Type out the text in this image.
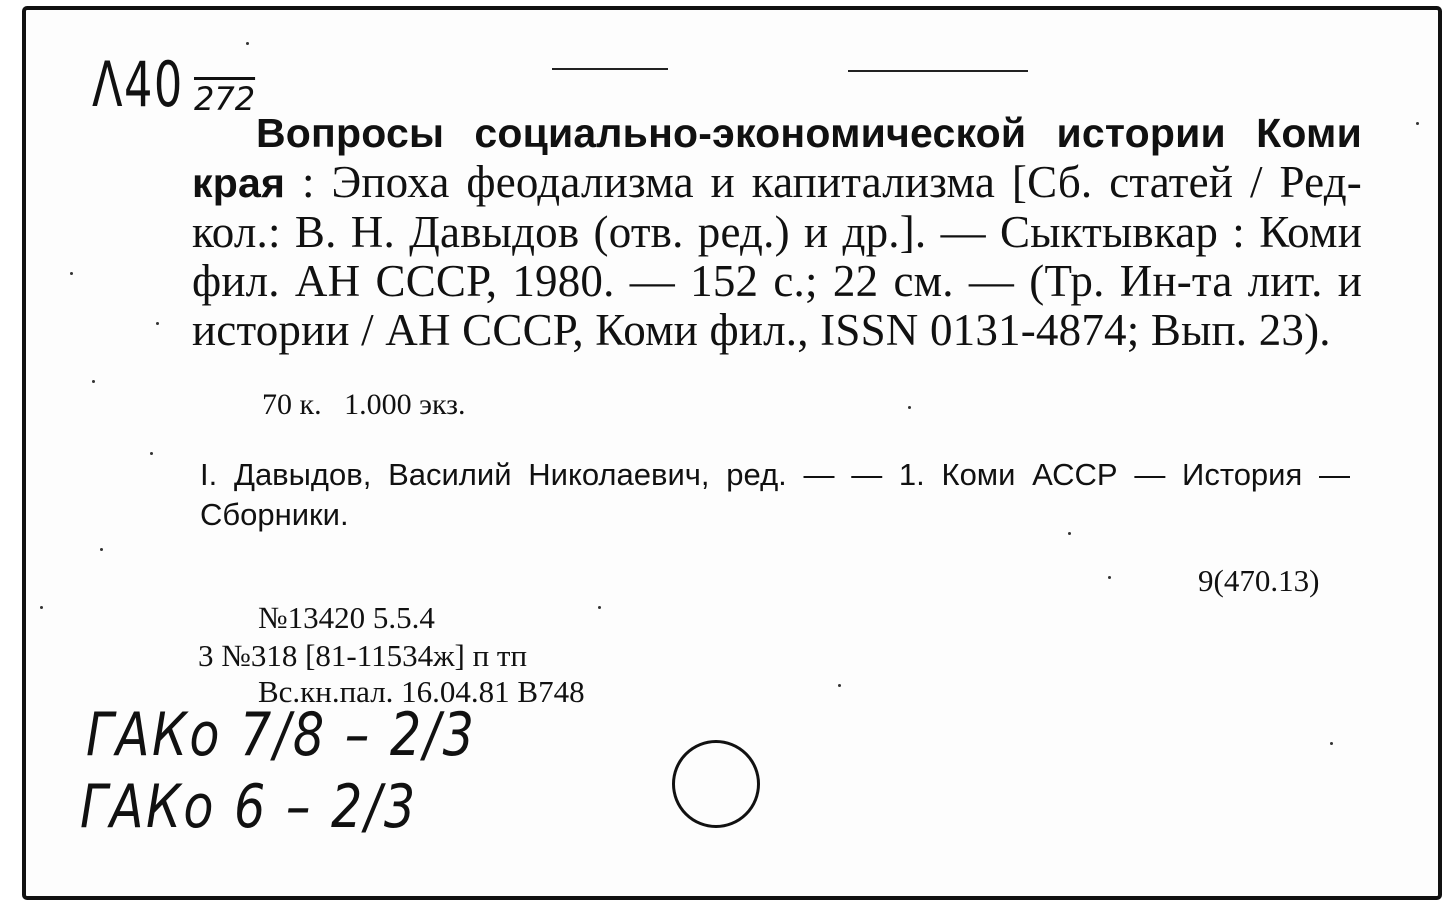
Λ40 272
Вопросы социально-экономической истории Коми края : Эпоха феодализма и капитализма [Сб. статей / Ред-кол.: В. Н. Давыдов (отв. ред.) и др.]. — Сыктывкар : Коми фил. АН СССР, 1980. — 152 с.; 22 см. — (Тр. Ин-та лит. и истории / АН СССР, Коми фил., ISSN 0131-4874; Вып. 23).
70 к.   1.000 экз.
I. Давыдов, Василий Николаевич, ред. — — 1. Коми АССР — История — Сборники.
9(470.13)
№13420 5.5.4
3 №318 [81-11534ж] п тп
Вс.кн.пал. 16.04.81 В748
ГАКо 7/8 – 2/3
ГАКо 6 – 2/3
